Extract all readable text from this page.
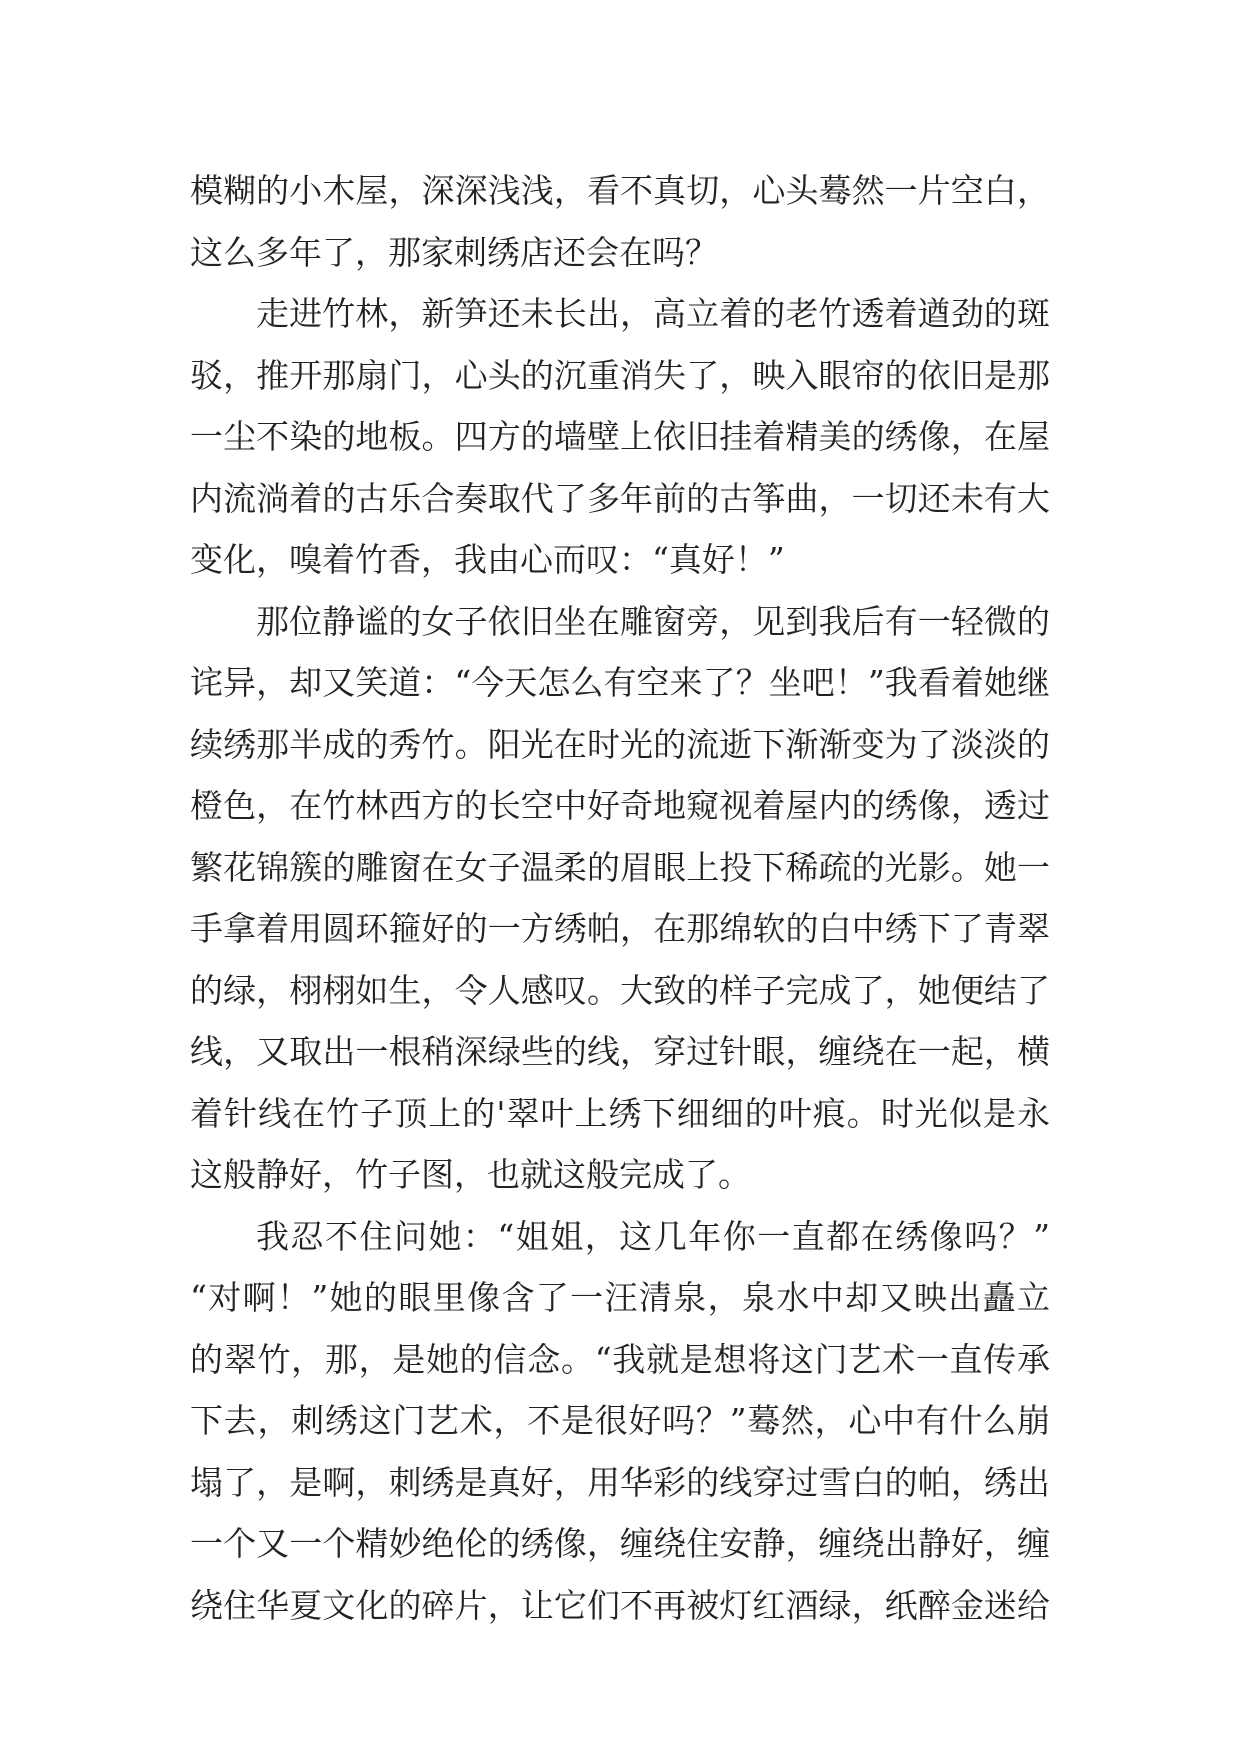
模糊的小木屋，深深浅浅，看不真切，心头蓦然一片空白，
这么多年了，那家刺绣店还会在吗？
走进竹林，新笋还未长出，高立着的老竹透着遒劲的斑
驳，推开那扇门，心头的沉重消失了，映入眼帘的依旧是那
一尘不染的地板。四方的墙壁上依旧挂着精美的绣像，在屋
内流淌着的古乐合奏取代了多年前的古筝曲，一切还未有大
变化，嗅着竹香，我由心而叹：“真好！”
那位静谧的女子依旧坐在雕窗旁，见到我后有一轻微的
诧异，却又笑道：“今天怎么有空来了？坐吧！”我看着她继
续绣那半成的秀竹。阳光在时光的流逝下渐渐变为了淡淡的
橙色，在竹林西方的长空中好奇地窥视着屋内的绣像，透过
繁花锦簇的雕窗在女子温柔的眉眼上投下稀疏的光影。她一
手拿着用圆环箍好的一方绣帕，在那绵软的白中绣下了青翠
的绿，栩栩如生，令人感叹。大致的样子完成了，她便结了
线，又取出一根稍深绿些的线，穿过针眼，缠绕在一起，横
着针线在竹子顶上的'翠叶上绣下细细的叶痕。时光似是永
这般静好，竹子图，也就这般完成了。
我忍不住问她：“姐姐，这几年你一直都在绣像吗？”
“对啊！”她的眼里像含了一汪清泉，泉水中却又映出矗立
的翠竹，那，是她的信念。“我就是想将这门艺术一直传承
下去，刺绣这门艺术，不是很好吗？”蓦然，心中有什么崩
塌了，是啊，刺绣是真好，用华彩的线穿过雪白的帕，绣出
一个又一个精妙绝伦的绣像，缠绕住安静，缠绕出静好，缠
绕住华夏文化的碎片，让它们不再被灯红酒绿，纸醉金迷给
